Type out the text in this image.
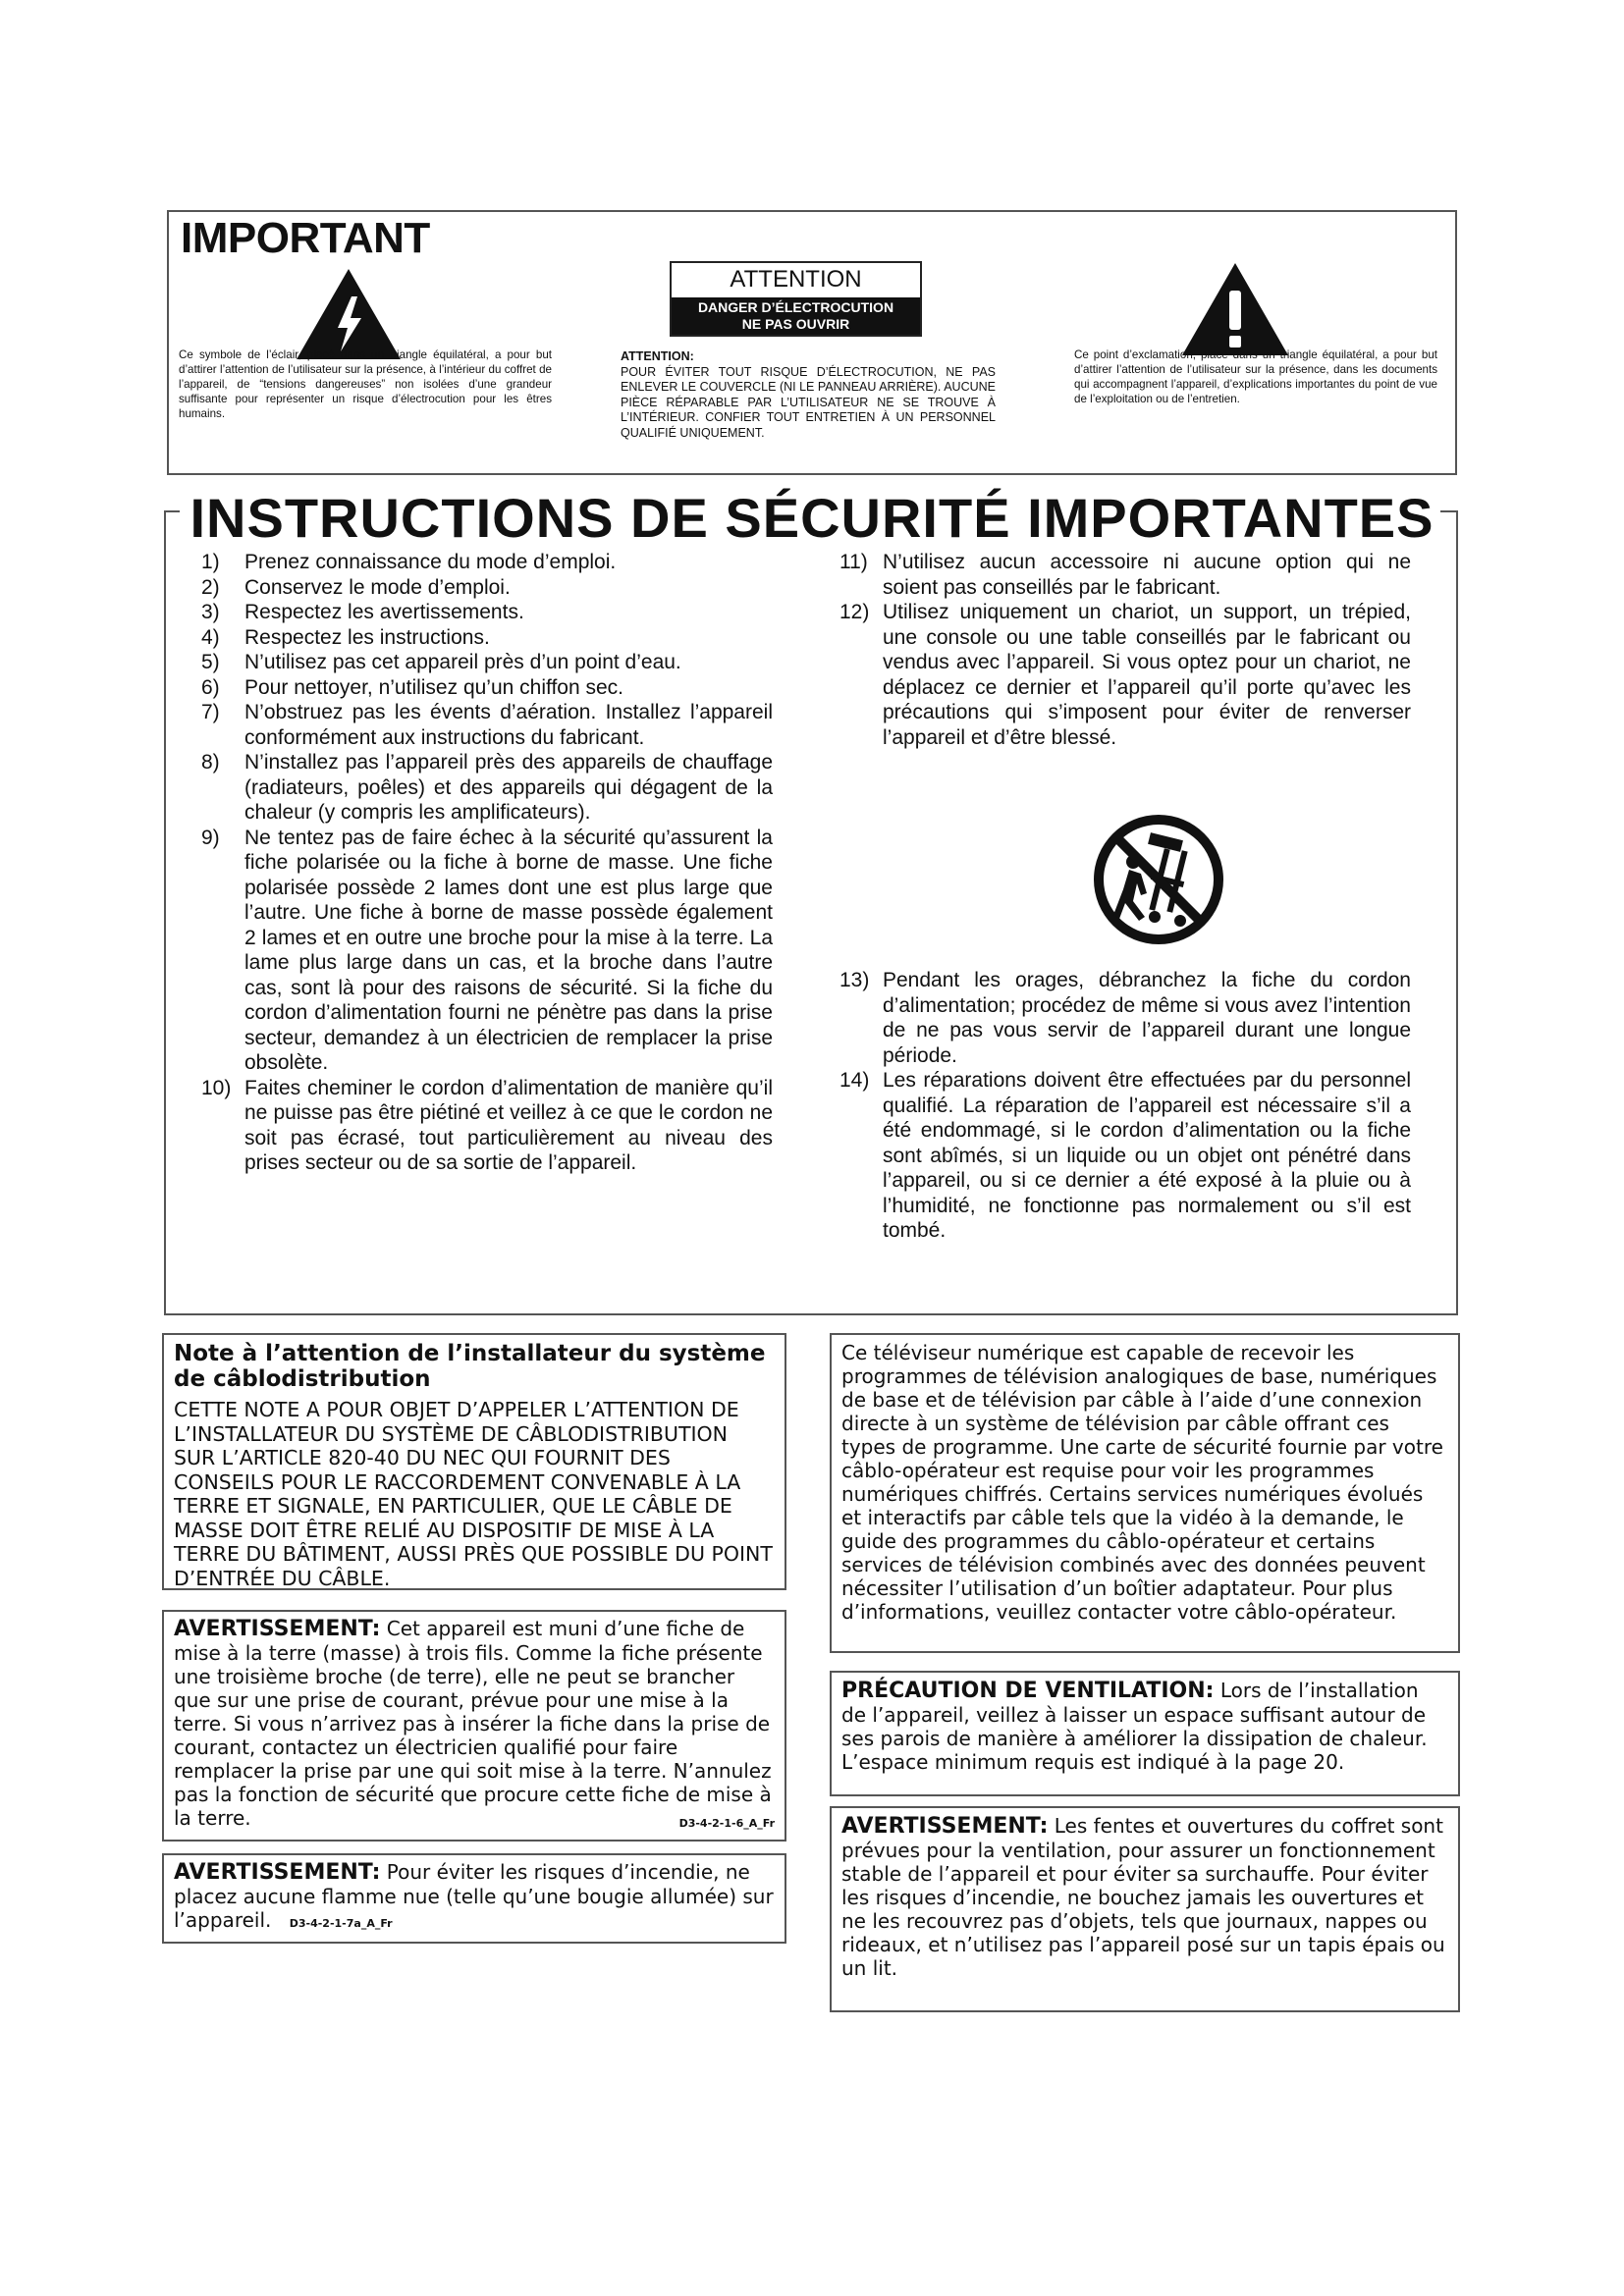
IMPORTANT
Ce symbole de l’éclair, placé dans un triangle équilatéral, a pour but d’attirer l’attention de l’utilisateur sur la présence, à l’intérieur du coffret de l’appareil, de “tensions dangereuses” non isolées d’une grandeur suffisante pour représenter un risque d’électrocution pour les êtres humains.
ATTENTION
DANGER D’ÉLECTROCUTION
NE PAS OUVRIR
ATTENTION:
POUR ÉVITER TOUT RISQUE D’ÉLECTROCUTION, NE PAS ENLEVER LE COUVERCLE (NI LE PANNEAU ARRIÈRE). AUCUNE PIÈCE RÉPARABLE PAR L’UTILISATEUR NE SE TROUVE À L’INTÉRIEUR. CONFIER TOUT ENTRETIEN À UN PERSONNEL QUALIFIÉ UNIQUEMENT.
Ce point d’exclamation, placé dans un triangle équilatéral, a pour but d’attirer l’attention de l’utilisateur sur la présence, dans les documents qui accompagnent l’appareil, d’explications importantes du point de vue de l’exploitation ou de l’entretien.
INSTRUCTIONS DE SÉCURITÉ IMPORTANTES
1)	Prenez connaissance du mode d’emploi.
2)	Conservez le mode d’emploi.
3)	Respectez les avertissements.
4)	Respectez les instructions.
5)	N’utilisez pas cet appareil près d’un point d’eau.
6)	Pour nettoyer, n’utilisez qu’un chiffon sec.
7)	N’obstruez pas les évents d’aération. Installez l’appareil conformément aux instructions du fabricant.
8)	N’installez pas l’appareil près des appareils de chauffage (radiateurs, poêles) et des appareils qui dégagent de la chaleur (y compris les amplificateurs).
9)	Ne tentez pas de faire échec à la sécurité qu’assurent la fiche polarisée ou la fiche à borne de masse. Une fiche polarisée possède 2 lames dont une est plus large que l’autre. Une fiche à borne de masse possède également 2 lames et en outre une broche pour la mise à la terre. La lame plus large dans un cas, et la broche dans l’autre cas, sont là pour des raisons de sécurité. Si la fiche du cordon d’alimentation fourni ne pénètre pas dans la prise secteur, demandez à un électricien de remplacer la prise obsolète.
10) Faites cheminer le cordon d’alimentation de manière qu’il ne puisse pas être piétiné et veillez à ce que le cordon ne soit pas écrasé, tout particulièrement au niveau des prises secteur ou de sa sortie de l’appareil.
11) N’utilisez aucun accessoire ni aucune option qui ne soient pas conseillés par le fabricant.
12) Utilisez uniquement un chariot, un support, un trépied, une console ou une table conseillés par le fabricant ou vendus avec l’appareil. Si vous optez pour un chariot, ne déplacez ce dernier et l’appareil qu’il porte qu’avec les précautions qui s’imposent pour éviter de renverser l’appareil et d’être blessé.
13) Pendant les orages, débranchez la fiche du cordon d’alimentation; procédez de même si vous avez l’intention de ne pas vous servir de l’appareil durant une longue période.
14) Les réparations doivent être effectuées par du personnel qualifié. La réparation de l’appareil est nécessaire s’il a été endommagé, si le cordon d’alimentation ou la fiche sont abîmés, si un liquide ou un objet ont pénétré dans l’appareil, ou si ce dernier a été exposé à la pluie ou à l’humidité, ne fonctionne pas normalement ou s’il est tombé.
Note à l’attention de l’installateur du système de câblodistribution
CETTE NOTE A POUR OBJET D’APPELER L’ATTENTION DE L’INSTALLATEUR DU SYSTÈME DE CÂBLODISTRIBUTION SUR L’ARTICLE 820-40 DU NEC QUI FOURNIT DES CONSEILS POUR LE RACCORDEMENT CONVENABLE À LA TERRE ET SIGNALE, EN PARTICULIER, QUE LE CÂBLE DE MASSE DOIT ÊTRE RELIÉ AU DISPOSITIF DE MISE À LA TERRE DU BÂTIMENT, AUSSI PRÈS QUE POSSIBLE DU POINT D’ENTRÉE DU CÂBLE.
AVERTISSEMENT: Cet appareil est muni d’une fiche de mise à la terre (masse) à trois fils. Comme la fiche présente une troisième broche (de terre), elle ne peut se brancher que sur une prise de courant, prévue pour une mise à la terre. Si vous n’arrivez pas à insérer la fiche dans la prise de courant, contactez un électricien qualifié pour faire remplacer la prise par une qui soit mise à la terre. N’annulez pas la fonction de sécurité que procure cette fiche de mise à la terre.	D3-4-2-1-6_A_Fr
AVERTISSEMENT: Pour éviter les risques d’incendie, ne placez aucune flamme nue (telle qu’une bougie allumée) sur l’appareil. D3-4-2-1-7a_A_Fr
Ce téléviseur numérique est capable de recevoir les programmes de télévision analogiques de base, numériques de base et de télévision par câble à l’aide d’une connexion directe à un système de télévision par câble offrant ces types de programme. Une carte de sécurité fournie par votre câblo-opérateur est requise pour voir les programmes numériques chiffrés. Certains services numériques évolués et interactifs par câble tels que la vidéo à la demande, le guide des programmes du câblo-opérateur et certains services de télévision combinés avec des données peuvent nécessiter l’utilisation d’un boîtier adaptateur. Pour plus d’informations, veuillez contacter votre câblo-opérateur.
PRÉCAUTION DE VENTILATION: Lors de l’installation de l’appareil, veillez à laisser un espace suffisant autour de ses parois de manière à améliorer la dissipation de chaleur. L’espace minimum requis est indiqué à la page 20.
AVERTISSEMENT: Les fentes et ouvertures du coffret sont prévues pour la ventilation, pour assurer un fonctionnement stable de l’appareil et pour éviter sa surchauffe. Pour éviter les risques d’incendie, ne bouchez jamais les ouvertures et ne les recouvrez pas d’objets, tels que journaux, nappes ou rideaux, et n’utilisez pas l’appareil posé sur un tapis épais ou un lit.
